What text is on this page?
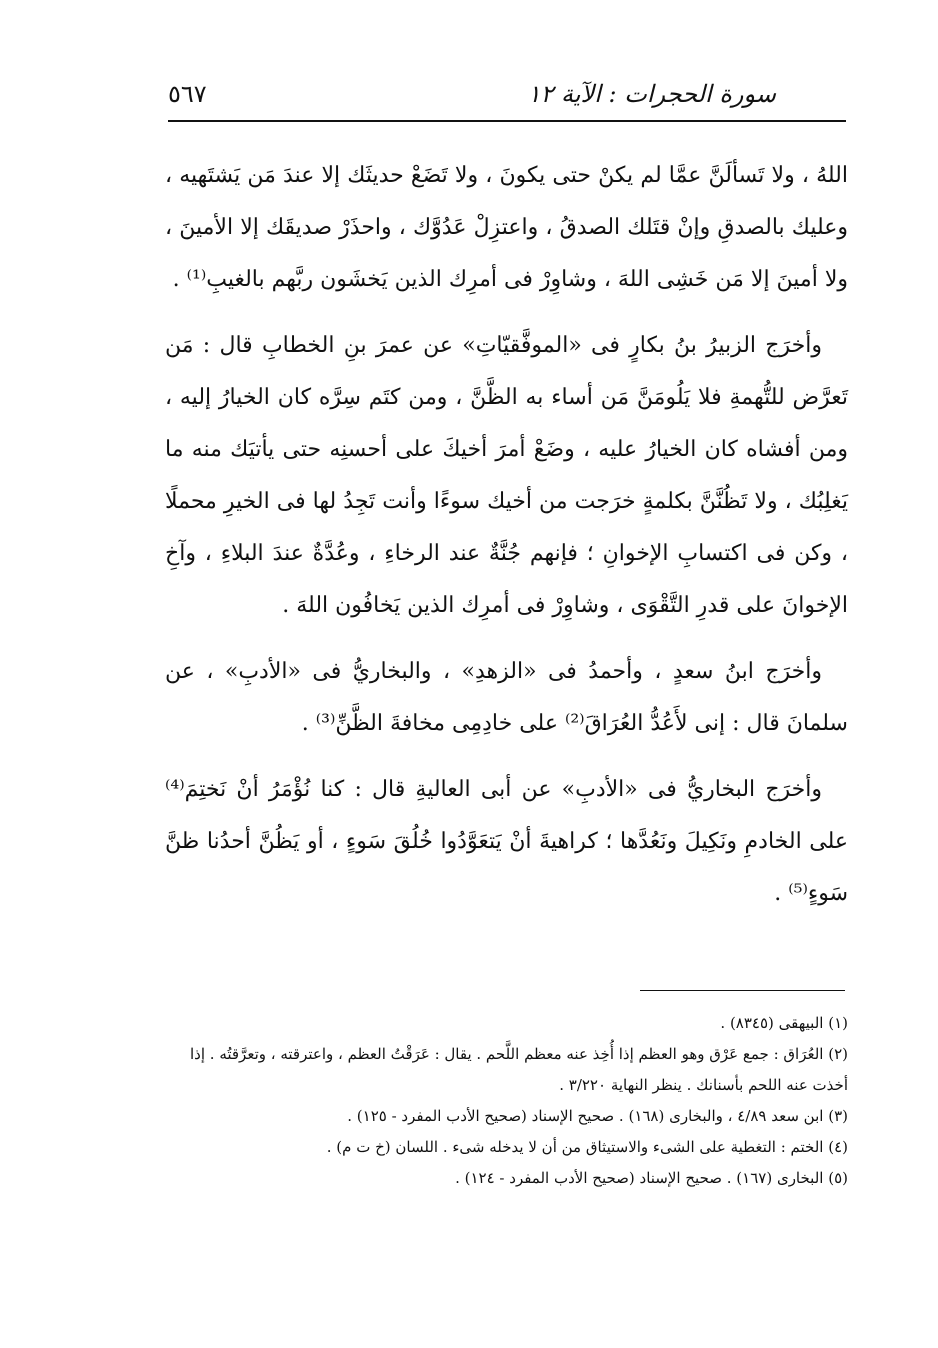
سورة الحجرات : الآية ١٢
٥٦٧

اللهُ ، ولا تَسألَنَّ عمَّا لم يكنْ حتى يكونَ ، ولا تَضَعْ حديثَك إلا عندَ مَن يَشتَهيه ، وعليك بالصدقِ وإنْ قتَلك الصدقُ ، واعتزِلْ عَدُوَّك ، واحذَرْ صديقَك إلا الأمينَ ، ولا أمينَ إلا مَن خَشِى اللهَ ، وشاوِرْ فى أمرِك الذين يَخشَون ربَّهم بالغيبِ⁽¹⁾ .

وأخرَج الزبيرُ بنُ بكارٍ فى «الموفَّقيّاتِ» عن عمرَ بنِ الخطابِ قال : مَن تَعرَّض للتُّهمةِ فلا يَلُومَنَّ مَن أساء به الظَّنَّ ، ومن كتَم سِرَّه كان الخيارُ إليه ، ومن أفشاه كان الخيارُ عليه ، وضَعْ أمرَ أخيكَ على أحسنِه حتى يأتيَك منه ما يَغلِبُك ، ولا تَظُنَّنَّ بكلمةٍ خرَجت من أخيك سوءًا وأنت تَجِدُ لها فى الخيرِ محملًا ، وكن فى اكتسابِ الإخوانِ ؛ فإنهم جُنَّةٌ عند الرخاءِ ، وعُدَّةٌ عندَ البلاءِ ، وآخِ الإخوانَ على قدرِ التَّقْوَى ، وشاوِرْ فى أمرِك الذين يَخافُون اللهَ .

وأخرَج ابنُ سعدٍ ، وأحمدُ فى «الزهدِ» ، والبخاريُّ فى «الأدبِ» ، عن سلمانَ قال : إنى لأَعُدُّ العُرَاقَ⁽²⁾ على خادِمِى مخافةَ الظَّنِّ⁽³⁾ .

وأخرَج البخاريُّ فى «الأدبِ» عن أبى العاليةِ قال : كنا نُؤْمَرُ أنْ نَختِمَ⁽⁴⁾ على الخادمِ ونَكِيلَ ونَعُدَّها ؛ كراهيةَ أنْ يَتعَوَّدُوا خُلُقَ سَوءٍ ، أو يَظُنَّ أحدُنا ظنَّ سَوءٍ⁽⁵⁾ .

(١) البيهقى (٨٣٤٥) .
(٢) العُرَاق : جمع عَرْق وهو العظم إذا أُخِذ عنه معظم اللَّحم . يقال : عَرَقْتُ العظم ، واعترقته ، وتعرَّقتُه . إذا أخذت عنه اللحم بأسنانك . ينظر النهاية ٣/٢٢٠ .
(٣) ابن سعد ٤/٨٩ ، والبخارى (١٦٨) . صحيح الإسناد (صحيح الأدب المفرد - ١٢٥) .
(٤) الختم : التغطية على الشىء والاستيثاق من أن لا يدخله شىء . اللسان (خ ت م) .
(٥) البخارى (١٦٧) . صحيح الإسناد (صحيح الأدب المفرد - ١٢٤) .
